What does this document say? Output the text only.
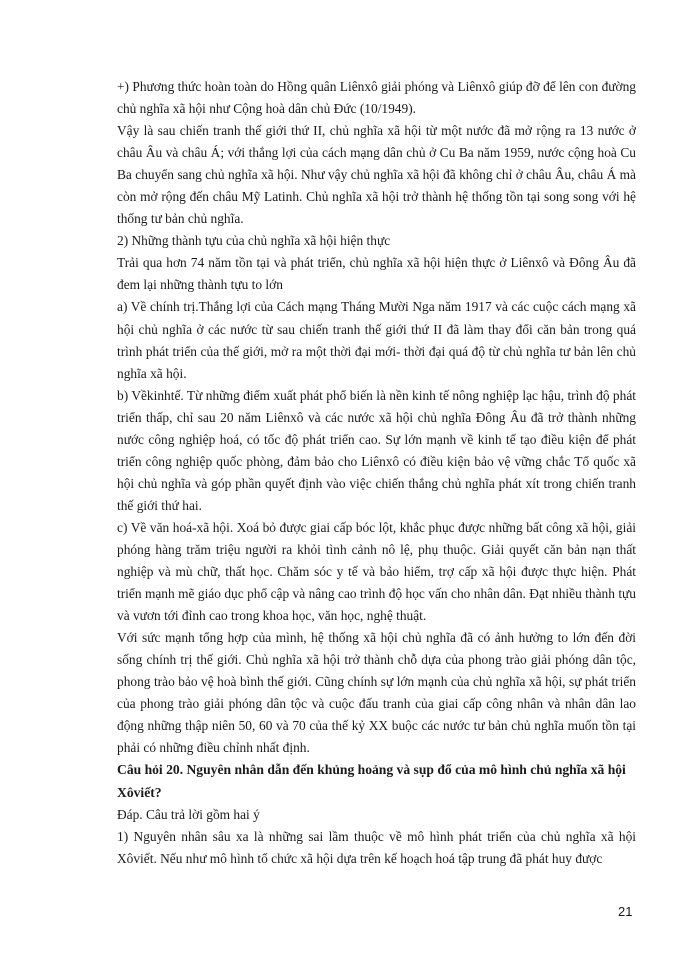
+) Phương thức hoàn toàn do Hồng quân Liênxô giải phóng và Liênxô giúp đỡ để lên con đường chủ nghĩa xã hội như Cộng hoà dân chủ Đức (10/1949).

Vậy là sau chiến tranh thế giới thứ II, chủ nghĩa xã hội từ một nước đã mở rộng ra 13 nước ở châu Âu và châu Á; với thắng lợi của cách mạng dân chủ ở Cu Ba năm 1959, nước cộng hoà Cu Ba chuyển sang chủ nghĩa xã hội. Như vậy chủ nghĩa xã hội đã không chỉ ở châu Âu, châu Á mà còn mở rộng đến châu Mỹ Latinh. Chủ nghĩa xã hội trở thành hệ thống tồn tại song song với hệ thống tư bản chủ nghĩa.

2) Những thành tựu của chủ nghĩa xã hội hiện thực

Trải qua hơn 74 năm tồn tại và phát triển, chủ nghĩa xã hội hiện thực ở Liênxô và Đông Âu đã đem lại những thành tựu to lớn

a) Về chính trị.Thắng lợi của Cách mạng Tháng Mười Nga năm 1917 và các cuộc cách mạng xã hội chủ nghĩa ở các nước từ sau chiến tranh thế giới thứ II đã làm thay đổi căn bản trong quá trình phát triển của thế giới, mở ra một thời đại mới- thời đại quá độ từ chủ nghĩa tư bản lên chủ nghĩa xã hội.

b) Vềkinhtế. Từ những điểm xuất phát phổ biến là nền kinh tế nông nghiệp lạc hậu, trình độ phát triển thấp, chỉ sau 20 năm Liênxô và các nước xã hội chủ nghĩa Đông Âu đã trở thành những nước công nghiệp hoá, có tốc độ phát triển cao. Sự lớn mạnh về kinh tế tạo điều kiện để phát triển công nghiệp quốc phòng, đảm bảo cho Liênxô có điều kiện bảo vệ vững chắc Tổ quốc xã hội chủ nghĩa và góp phần quyết định vào việc chiến thắng chủ nghĩa phát xít trong chiến tranh thế giới thứ hai.

c) Về văn hoá-xã hội. Xoá bỏ được giai cấp bóc lột, khắc phục được những bất công xã hội, giải phóng hàng trăm triệu người ra khỏi tình cảnh nô lệ, phụ thuộc. Giải quyết căn bản nạn thất nghiệp và mù chữ, thất học. Chăm sóc y tế và bảo hiểm, trợ cấp xã hội được thực hiện. Phát triển mạnh mẽ giáo dục phổ cập và nâng cao trình độ học vấn cho nhân dân. Đạt nhiều thành tựu và vươn tới đỉnh cao trong khoa học, văn học, nghệ thuật.

Với sức mạnh tổng hợp của mình, hệ thống xã hội chủ nghĩa đã có ảnh hưởng to lớn đến đời sống chính trị thế giới. Chủ nghĩa xã hội trở thành chỗ dựa của phong trào giải phóng dân tộc, phong trào bảo vệ hoà bình thế giới. Cũng chính sự lớn mạnh của chủ nghĩa xã hội, sự phát triển của phong trào giải phóng dân tộc và cuộc đấu tranh của giai cấp công nhân và nhân dân lao động những thập niên 50, 60 và 70 của thế kỷ XX buộc các nước tư bản chủ nghĩa muốn tồn tại phải có những điều chỉnh nhất định.

Câu hỏi 20. Nguyên nhân dẫn đến khủng hoảng và sụp đổ của mô hình chủ nghĩa xã hội Xôviết?

Đáp. Câu trả lời gồm hai ý

1) Nguyên nhân sâu xa là những sai lầm thuộc về mô hình phát triển của chủ nghĩa xã hội Xôviết. Nếu như mô hình tổ chức xã hội dựa trên kế hoạch hoá tập trung đã phát huy được

21
